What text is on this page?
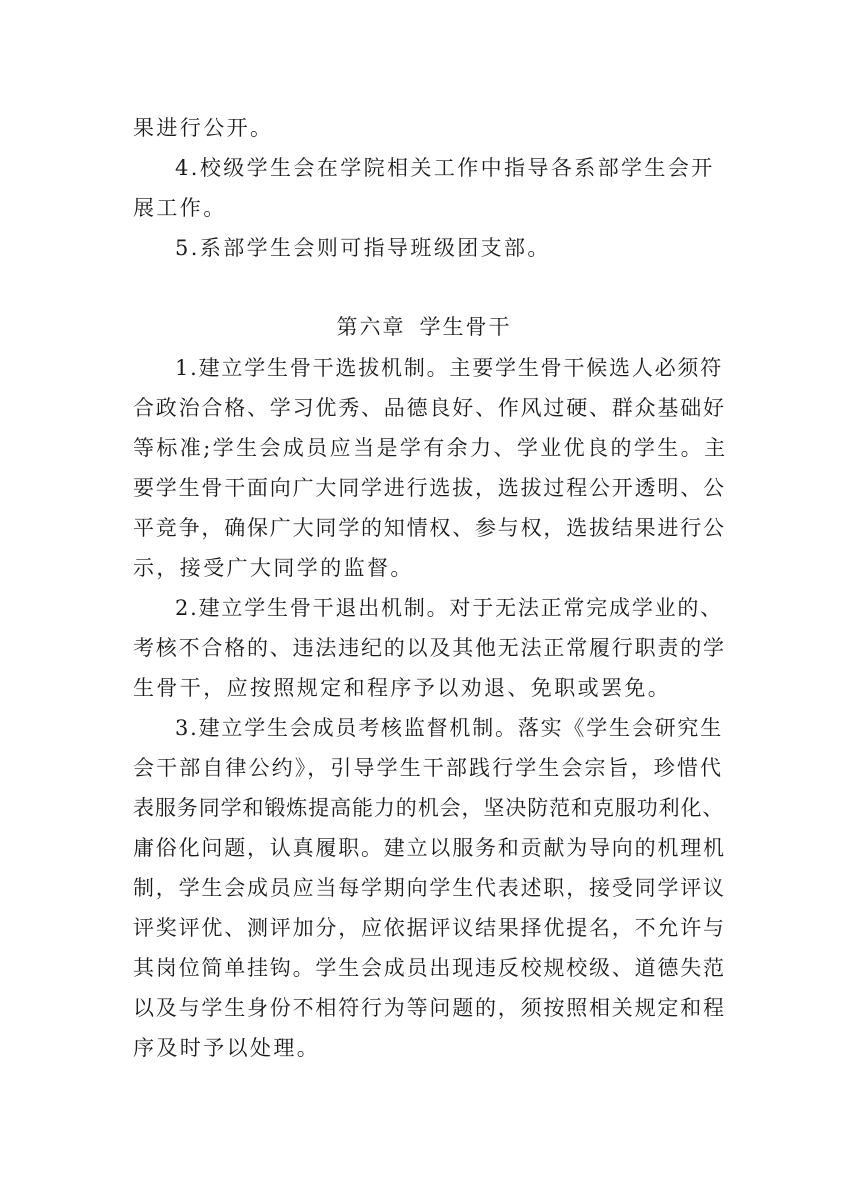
果进行公开。
4.校级学生会在学院相关工作中指导各系部学生会开
展工作。
5.系部学生会则可指导班级团支部。
第六章 学生骨干
1.建立学生骨干选拔机制。主要学生骨干候选人必须符
合政治合格、学习优秀、品德良好、作风过硬、群众基础好
等标准;学生会成员应当是学有余力、学业优良的学生。主
要学生骨干面向广大同学进行选拔，选拔过程公开透明、公
平竞争，确保广大同学的知情权、参与权，选拔结果进行公
示，接受广大同学的监督。
2.建立学生骨干退出机制。对于无法正常完成学业的、
考核不合格的、违法违纪的以及其他无法正常履行职责的学
生骨干，应按照规定和程序予以劝退、免职或罢免。
3.建立学生会成员考核监督机制。落实《学生会研究生
会干部自律公约》，引导学生干部践行学生会宗旨，珍惜代
表服务同学和锻炼提高能力的机会，坚决防范和克服功利化、
庸俗化问题，认真履职。建立以服务和贡献为导向的机理机
制，学生会成员应当每学期向学生代表述职，接受同学评议
评奖评优、测评加分，应依据评议结果择优提名，不允许与
其岗位简单挂钩。学生会成员出现违反校规校级、道德失范
以及与学生身份不相符行为等问题的，须按照相关规定和程
序及时予以处理。
